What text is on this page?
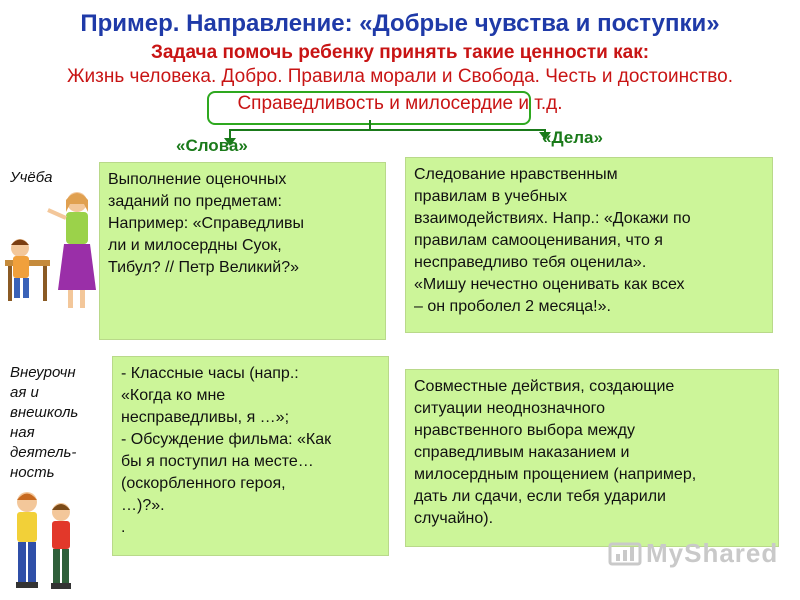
Пример. Направление: «Добрые чувства и поступки»
Задача помочь ребенку принять такие ценности как:
Жизнь человека. Добро. Правила морали и Свобода. Честь и достоинство.
Справедливость и милосердие и т.д.
«Слова»	«Дела»
Учёба
Внеурочн
ая и
внешколь
ная
деятель-
ность
Выполнение оценочных
заданий по предметам:
Например: «Справедливы
ли и милосердны Суок,
Тибул? // Петр Великий?»
Следование нравственным
правилам в учебных
взаимодействиях. Напр.: «Докажи по
правилам самооценивания, что я
несправедливо тебя оценила».
«Мишу нечестно оценивать как всех
– он проболел 2 месяца!».
- Классные часы (напр.:
«Когда ко мне
несправедливы, я …»;
- Обсуждение фильма: «Как
бы я поступил на месте…
(оскорбленного героя,
…)?».
.
Совместные действия, создающие
ситуации неоднозначного
нравственного выбора между
справедливым наказанием и
милосердным прощением (например,
дать ли сдачи, если тебя ударили
случайно).
MyShared
